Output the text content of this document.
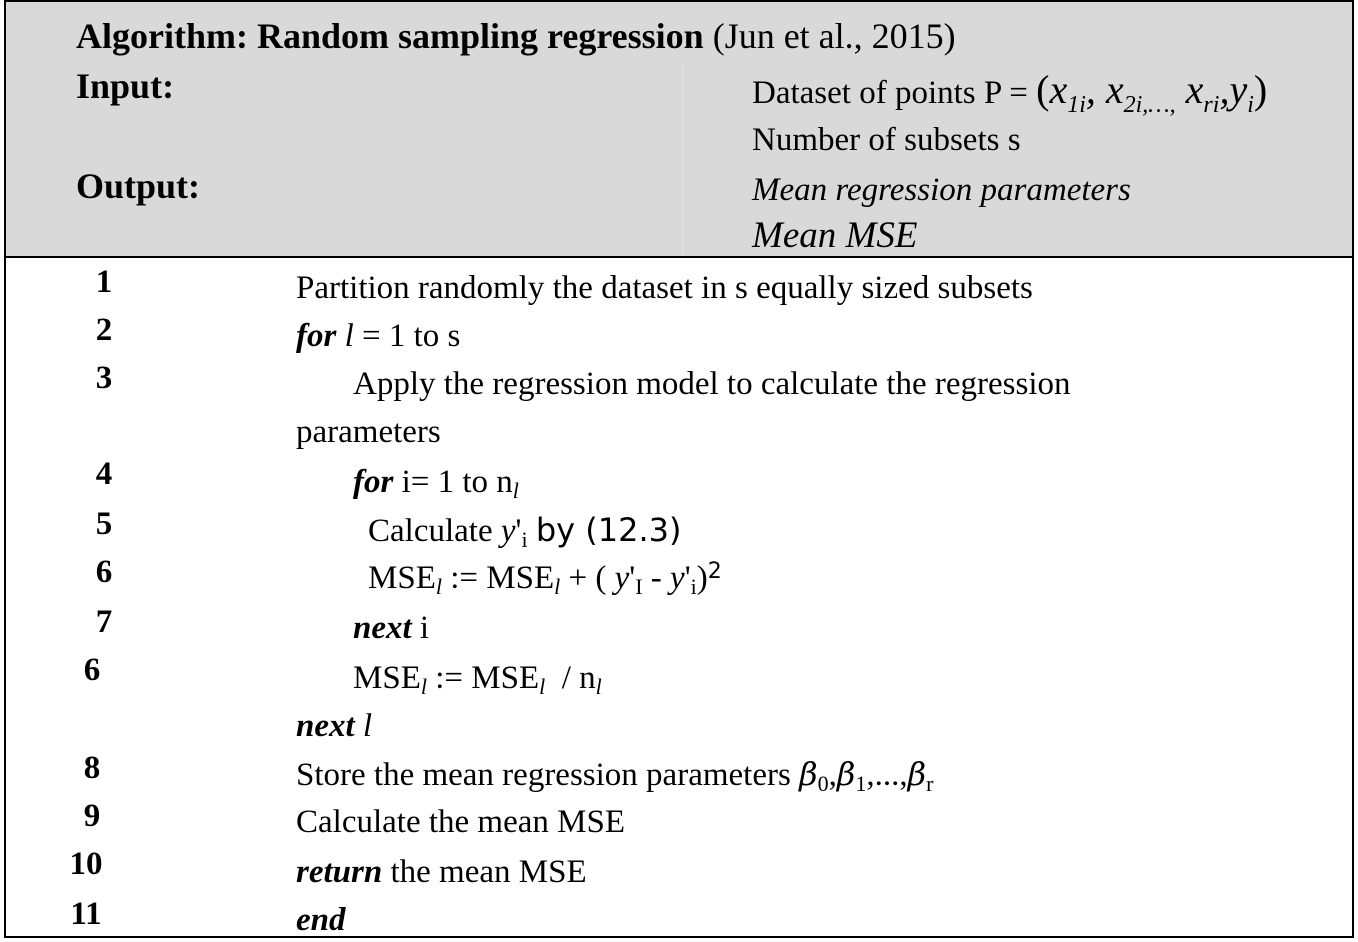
Algorithm: Random sampling regression (Jun et al., 2015)
Input:	Dataset of points $P = (x_{1i}$, $x_{2i,\dots,}$ $x_{ri},y_i$)
Number of subsets s
Output:	Mean regression parameters
Mean MSE
1	Partition randomly the dataset in s equally sized subsets
2	for l = 1 to s
3	Apply the regression model to calculate the regression
parameters
4	for i= 1 to $n_l$
5	Calculate $y'_i$ by (12.3)
6	$MSE_l$ := $MSE_l$ + ( $y'_I - y'_i)^2$
7	next i
6	$MSE_l$ := $MSE_l / n_l$
next l
8	Store the mean regression parameters $\beta_0,\beta_1,...,\beta_r$
9	Calculate the mean MSE
10	return the mean MSE
11	end
